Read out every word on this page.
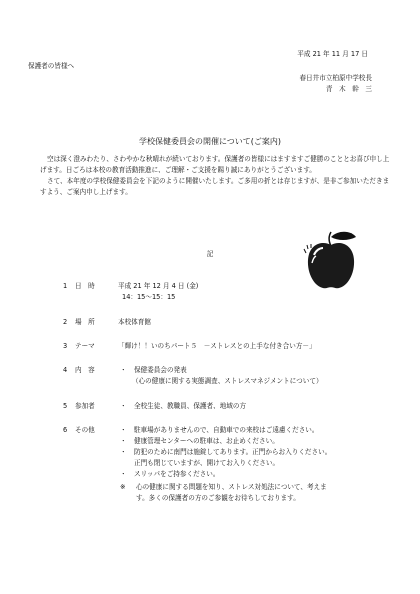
平成 21 年 11 月 17 日
保護者の皆様へ
春日井市立柏原中学校長
青　木　幹　三
学校保健委員会の開催について(ご案内)

空は深く澄みわたり、さわやかな秋晴れが続いております。保護者の皆様にはますますご健勝のこととお喜び申し上げます。日ごろは本校の教育活動推進に、ご理解・ご支援を賜り誠にありがとうございます。

さて、本年度の学校保健委員会を下記のように開催いたします。ご多用の折とは存じますが、是非ご参加いただきますよう、ご案内申し上げます。

記
1 日　時	平成 21 年 12 月 4 日 (金)
14：15～15：15
2 場　所	本校体育館
3 テーマ	「輝け！！いのちパート５　－ストレスとの上手な付き合い方－」
4 内　容	・ 保健委員会の発表
（心の健康に関する実態調査、ストレスマネジメントについて）
5 参加者	・ 全校生徒、教職員、保護者、地域の方
6 その他	・ 駐車場がありませんので、自動車での来校はご遠慮ください。
・ 健康管理センターへの駐車は、お止めください。
・ 防犯のために南門は施錠してあります。正門からお入りください。
正門も閉じていますが、開けてお入りください。
・ スリッパをご持参ください。
※ 心の健康に関する問題を知り、ストレス対処法について、考えま
す。多くの保護者の方のご参観をお待ちしております。
